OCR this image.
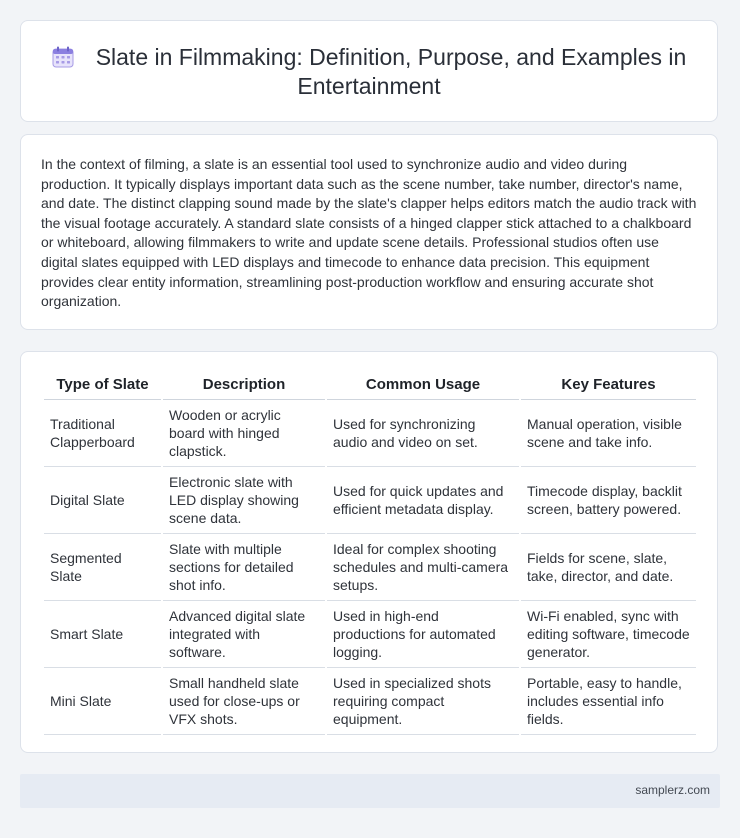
Slate in Filmmaking: Definition, Purpose, and Examples in Entertainment

In the context of filming, a slate is an essential tool used to synchronize audio and video during production. It typically displays important data such as the scene number, take number, director's name, and date. The distinct clapping sound made by the slate's clapper helps editors match the audio track with the visual footage accurately. A standard slate consists of a hinged clapper stick attached to a chalkboard or whiteboard, allowing filmmakers to write and update scene details. Professional studios often use digital slates equipped with LED displays and timecode to enhance data precision. This equipment provides clear entity information, streamlining post-production workflow and ensuring accurate shot organization.

Type of Slate	Description	Common Usage	Key Features
Traditional Clapperboard	Wooden or acrylic board with hinged clapstick.	Used for synchronizing audio and video on set.	Manual operation, visible scene and take info.
Digital Slate	Electronic slate with LED display showing scene data.	Used for quick updates and efficient metadata display.	Timecode display, backlit screen, battery powered.
Segmented Slate	Slate with multiple sections for detailed shot info.	Ideal for complex shooting schedules and multi-camera setups.	Fields for scene, slate, take, director, and date.
Smart Slate	Advanced digital slate integrated with software.	Used in high-end productions for automated logging.	Wi-Fi enabled, sync with editing software, timecode generator.
Mini Slate	Small handheld slate used for close-ups or VFX shots.	Used in specialized shots requiring compact equipment.	Portable, easy to handle, includes essential info fields.
samplerz.com
